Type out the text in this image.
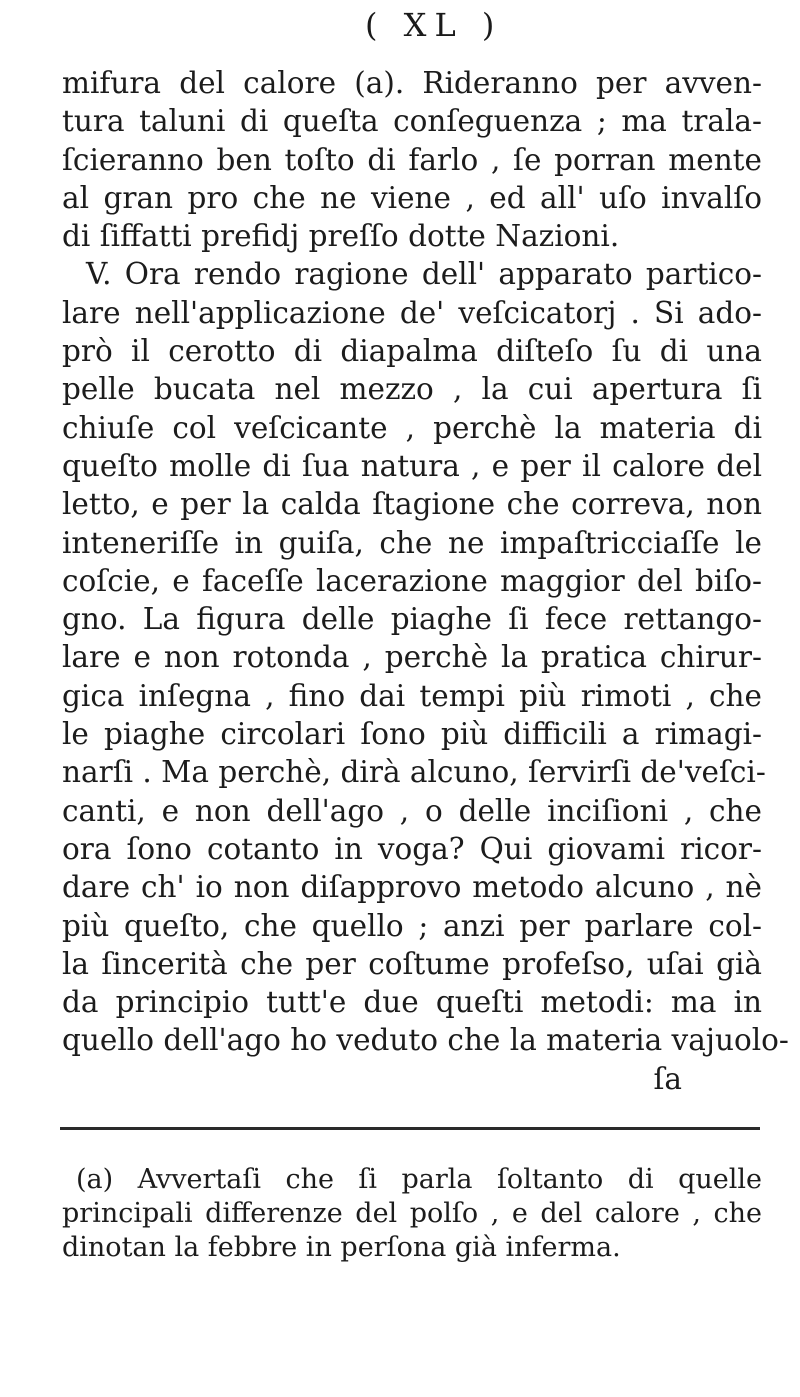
( XL )
mifura del calore (a). Rideranno per avven-
tura taluni di queſta conſeguenza ; ma trala-
ſcieranno ben toſto di farlo , ſe porran mente
al gran pro che ne viene , ed all' uſo invalſo
di ſiffatti prefidj preſſo dotte Nazioni.
V. Ora rendo ragione dell' apparato partico-
lare nell'applicazione de' veſcicatorj . Si ado-
prò il cerotto di diapalma diſteſo ſu di una
pelle bucata nel mezzo , la cui apertura ſi
chiuſe col veſcicante , perchè la materia di
queſto molle di ſua natura , e per il calore del
letto, e per la calda ſtagione che correva, non
inteneriſſe in guiſa, che ne impaſtricciaſſe le
coſcie, e faceſſe lacerazione maggior del biſo-
gno. La figura delle piaghe ſi fece rettango-
lare e non rotonda , perchè la pratica chirur-
gica inſegna , fino dai tempi più rimoti , che
le piaghe circolari ſono più difficili a rimagi-
narſi . Ma perchè, dirà alcuno, ſervirſi de'veſci-
canti, e non dell'ago , o delle inciſioni , che
ora ſono cotanto in voga? Qui giovami ricor-
dare ch' io non diſapprovo metodo alcuno , nè
più queſto, che quello ; anzi per parlare col-
la ſincerità che per coſtume profeſso, uſai già
da principio tutt'e due queſti metodi: ma in
quello dell'ago ho veduto che la materia vajuolo-
ſa
(a) Avvertaſi che ſi parla ſoltanto di quelle
principali differenze del polſo , e del calore , che
dinotan la febbre in perſona già inferma.
